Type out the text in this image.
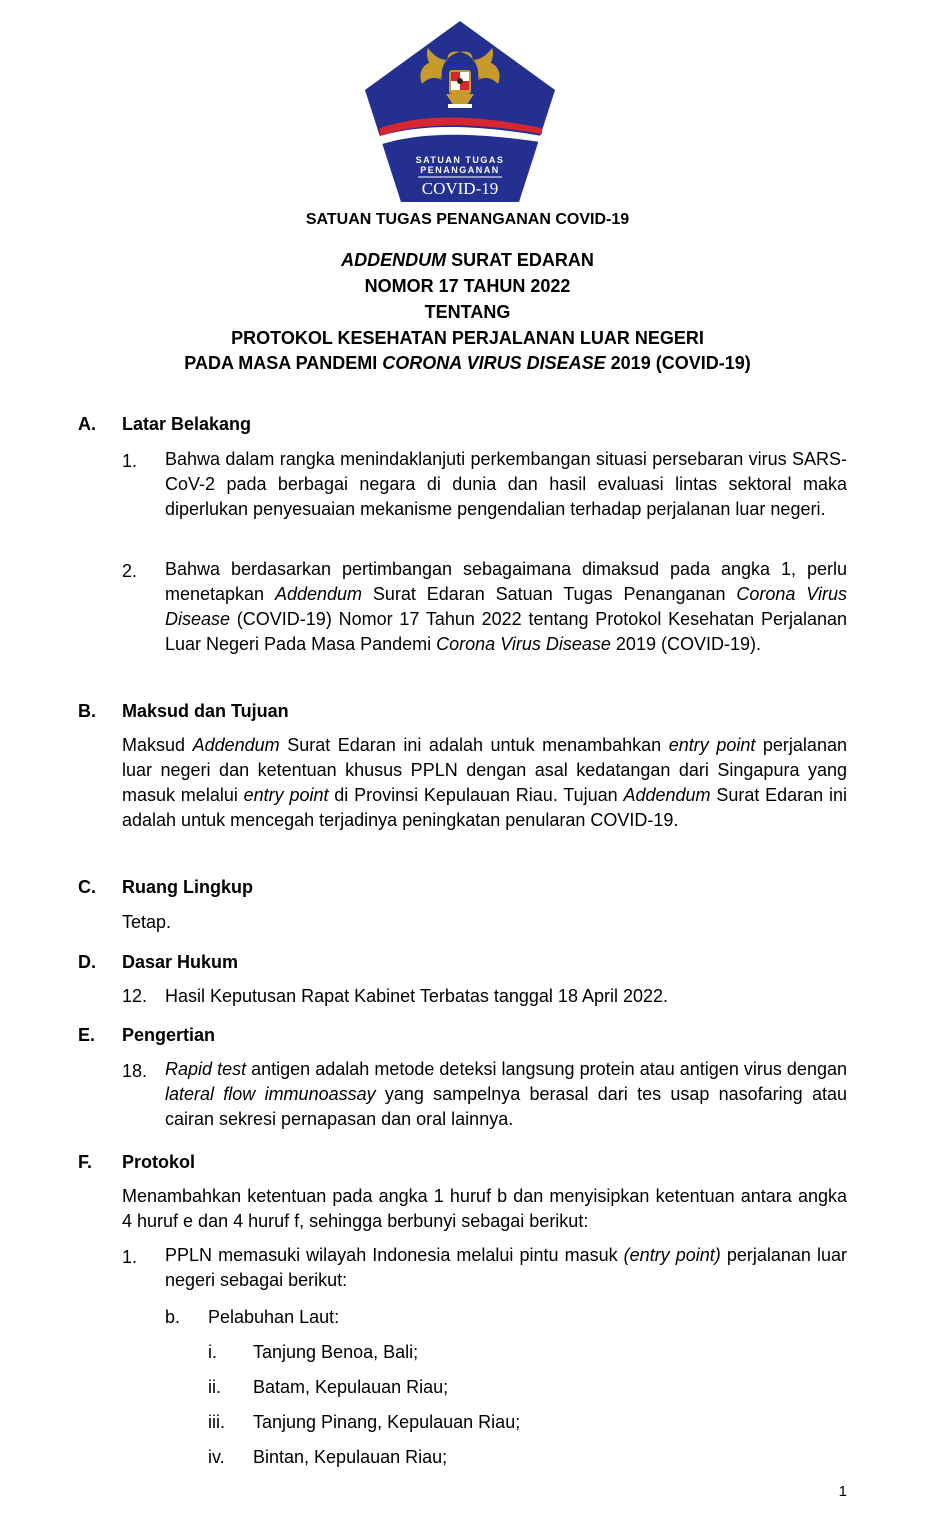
SATUAN TUGAS
PENANGANAN
COVID-19
SATUAN TUGAS PENANGANAN COVID-19
ADDENDUM SURAT EDARAN
NOMOR 17 TAHUN 2022
TENTANG
PROTOKOL KESEHATAN PERJALANAN LUAR NEGERI
PADA MASA PANDEMI CORONA VIRUS DISEASE 2019 (COVID-19)
A. Latar Belakang
1. Bahwa dalam rangka menindaklanjuti perkembangan situasi persebaran virus SARS-CoV-2 pada berbagai negara di dunia dan hasil evaluasi lintas sektoral maka diperlukan penyesuaian mekanisme pengendalian terhadap perjalanan luar negeri.
2. Bahwa berdasarkan pertimbangan sebagaimana dimaksud pada angka 1, perlu menetapkan Addendum Surat Edaran Satuan Tugas Penanganan Corona Virus Disease (COVID-19) Nomor 17 Tahun 2022 tentang Protokol Kesehatan Perjalanan Luar Negeri Pada Masa Pandemi Corona Virus Disease 2019 (COVID-19).
B. Maksud dan Tujuan
Maksud Addendum Surat Edaran ini adalah untuk menambahkan entry point perjalanan luar negeri dan ketentuan khusus PPLN dengan asal kedatangan dari Singapura yang masuk melalui entry point di Provinsi Kepulauan Riau. Tujuan Addendum Surat Edaran ini adalah untuk mencegah terjadinya peningkatan penularan COVID-19.
C. Ruang Lingkup
Tetap.
D. Dasar Hukum
12. Hasil Keputusan Rapat Kabinet Terbatas tanggal 18 April 2022.
E. Pengertian
18. Rapid test antigen adalah metode deteksi langsung protein atau antigen virus dengan lateral flow immunoassay yang sampelnya berasal dari tes usap nasofaring atau cairan sekresi pernapasan dan oral lainnya.
F. Protokol
Menambahkan ketentuan pada angka 1 huruf b dan menyisipkan ketentuan antara angka 4 huruf e dan 4 huruf f, sehingga berbunyi sebagai berikut:
1. PPLN memasuki wilayah Indonesia melalui pintu masuk (entry point) perjalanan luar negeri sebagai berikut:
b. Pelabuhan Laut:
i. Tanjung Benoa, Bali;
ii. Batam, Kepulauan Riau;
iii. Tanjung Pinang, Kepulauan Riau;
iv. Bintan, Kepulauan Riau;
1
